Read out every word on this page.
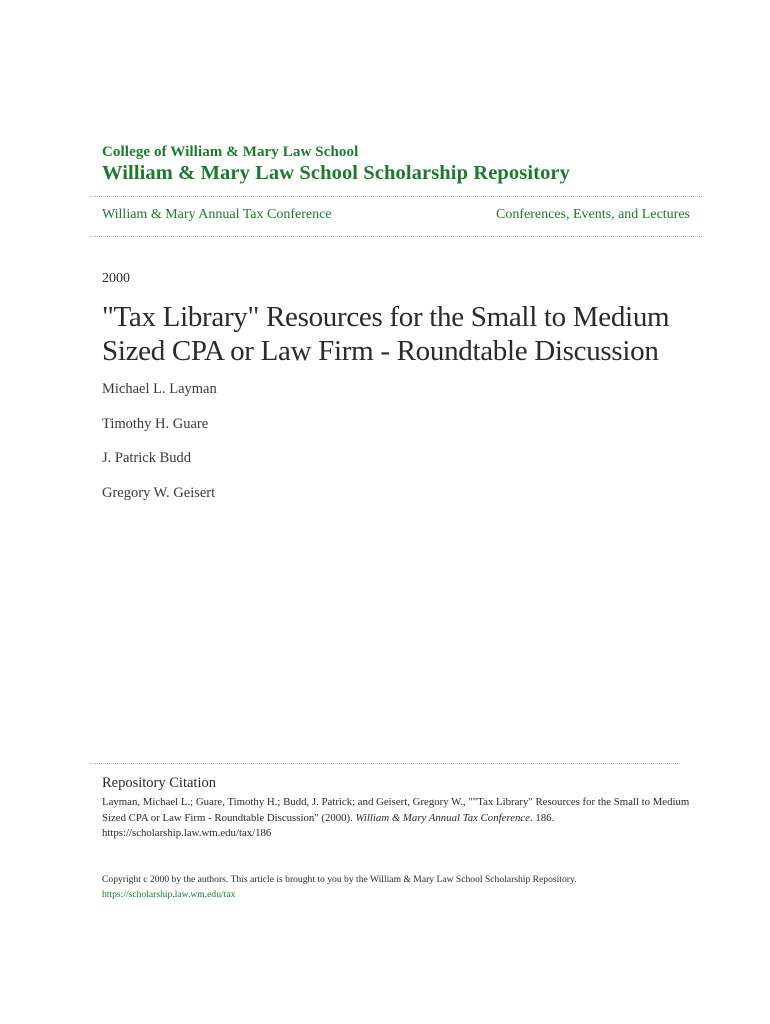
College of William & Mary Law School
William & Mary Law School Scholarship Repository
William & Mary Annual Tax Conference	Conferences, Events, and Lectures
2000
"Tax Library" Resources for the Small to Medium
Sized CPA or Law Firm - Roundtable Discussion
Michael L. Layman
Timothy H. Guare
J. Patrick Budd
Gregory W. Geisert
Repository Citation
Layman, Michael L.; Guare, Timothy H.; Budd, J. Patrick; and Geisert, Gregory W., ""Tax Library" Resources for the Small to Medium
Sized CPA or Law Firm - Roundtable Discussion" (2000). William & Mary Annual Tax Conference. 186.
https://scholarship.law.wm.edu/tax/186
Copyright c 2000 by the authors. This article is brought to you by the William & Mary Law School Scholarship Repository.
https://scholarship.law.wm.edu/tax
